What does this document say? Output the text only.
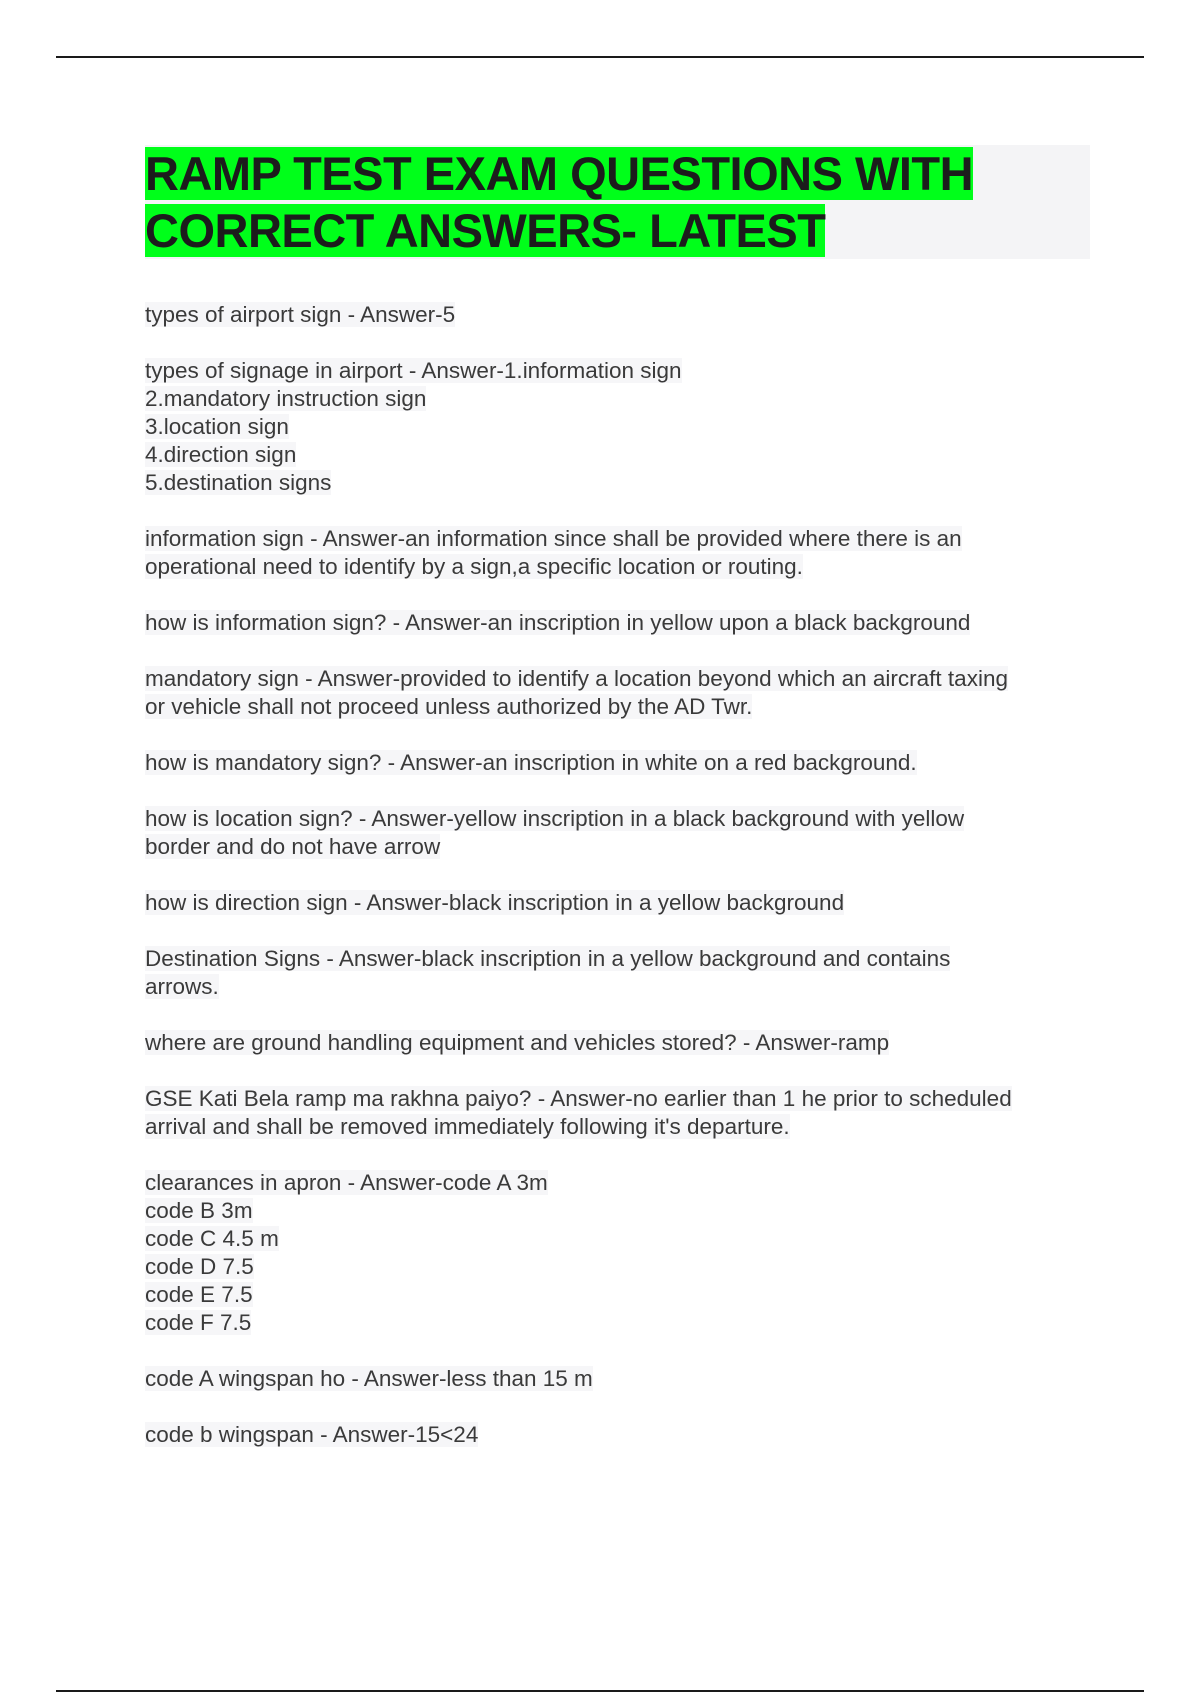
RAMP TEST EXAM QUESTIONS WITH CORRECT ANSWERS- LATEST

types of airport sign - Answer-5

types of signage in airport - Answer-1.information sign
2.mandatory instruction sign
3.location sign
4.direction sign
5.destination signs

information sign - Answer-an information since shall be provided where there is an
operational need to identify by a sign,a specific location or routing.

how is information sign? - Answer-an inscription in yellow upon a black background

mandatory sign - Answer-provided to identify a location beyond which an aircraft taxing
or vehicle shall not proceed unless authorized by the AD Twr.

how is mandatory sign? - Answer-an inscription in white on a red background.

how is location sign? - Answer-yellow inscription in a black background with yellow
border and do not have arrow

how is direction sign - Answer-black inscription in a yellow background

Destination Signs - Answer-black inscription in a yellow background and contains
arrows.

where are ground handling equipment and vehicles stored? - Answer-ramp

GSE Kati Bela ramp ma rakhna paiyo? - Answer-no earlier than 1 he prior to scheduled
arrival and shall be removed immediately following it's departure.

clearances in apron - Answer-code A 3m
code B 3m
code C 4.5 m
code D 7.5
code E 7.5
code F 7.5

code A wingspan ho - Answer-less than 15 m

code b wingspan - Answer-15<24
